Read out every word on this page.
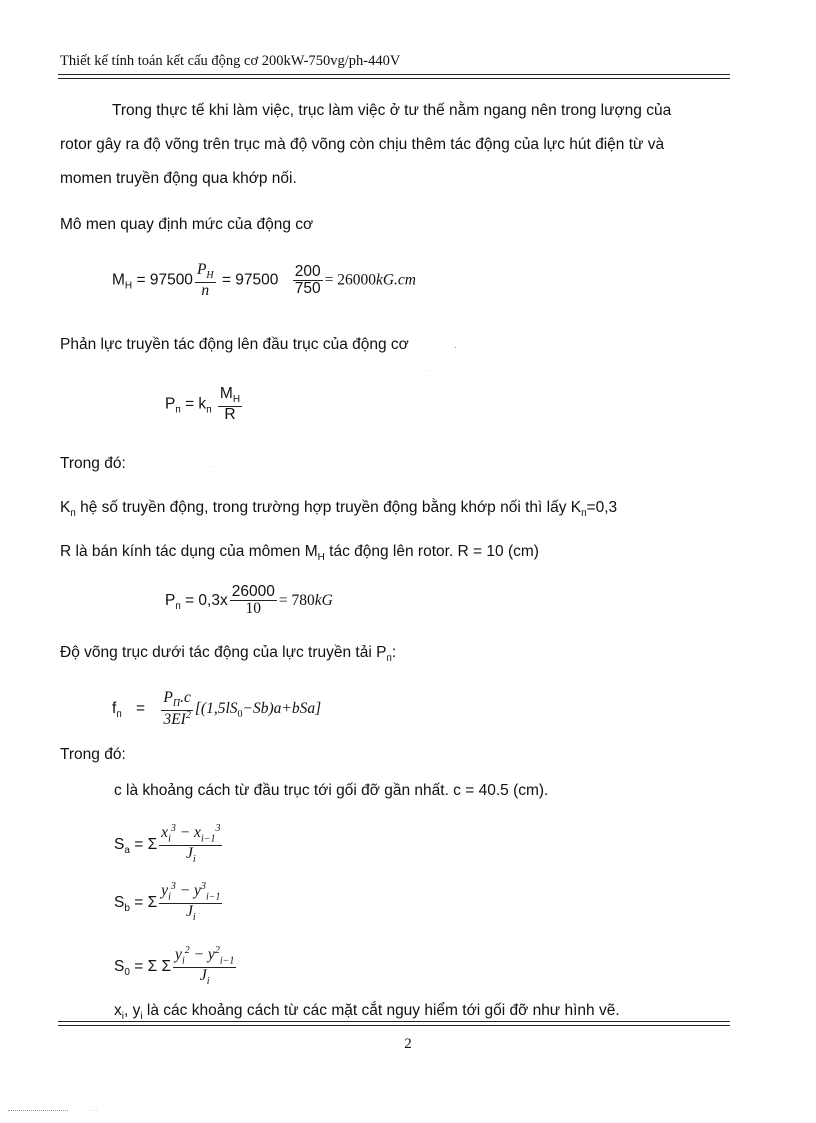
Thiết kế tính toán kết cấu động cơ 200kW-750vg/ph-440V
Trong thực tế khi làm việc, trục làm việc ở tư thế nằm ngang nên trong lượng của
rotor gây ra độ võng trên trục mà độ võng còn chịu thêm tác động của lực hút điện từ và
momen truyền động qua khớp nối.
Mô men quay định mức của động cơ
$M_H = 97500 \frac{P_H}{n} = 97500 \frac{200}{750} = 26000kG.cm$
Phản lực truyền tác động lên đầu trục của động cơ	·
.
$P_п = k_п \frac{M_H}{R}$
Trong đó:	.
$K_п$ hệ số truyền động, trong trường hợp truyền động bằng khớp nối thì lấy $K_п=0,3$
R là bán kính tác dụng của mômen $M_H$ tác động lên rotor. R = 10 (cm)
$P_п = 0,3x \frac{26000}{10} = 780kG$
Độ võng trục dưới tác động của lực truyền tải $P_п$:
$f_п = \frac{P_П.c}{3EI^2} [(1,5lS_0-Sb)a+bSa]$
Trong đó:
c là khoảng cách từ đầu trục tới gối đỡ gần nhất. c = 40.5 (cm).
$S_a = \Sigma \frac{x_i^3 - x_{i-1}^3}{J_i}$
$S_b = \Sigma \frac{y_i^3 - y^3_{i-1}}{J_i}$
$S_0 = \Sigma$ Σ $\frac{y_i^2 - y^2_{i-1}}{J_i}$
$x_i$, $y_i$ là các khoảng cách từ các mặt cắt nguy hiểm tới gối đỡ như hình vẽ.
2
· · ·
